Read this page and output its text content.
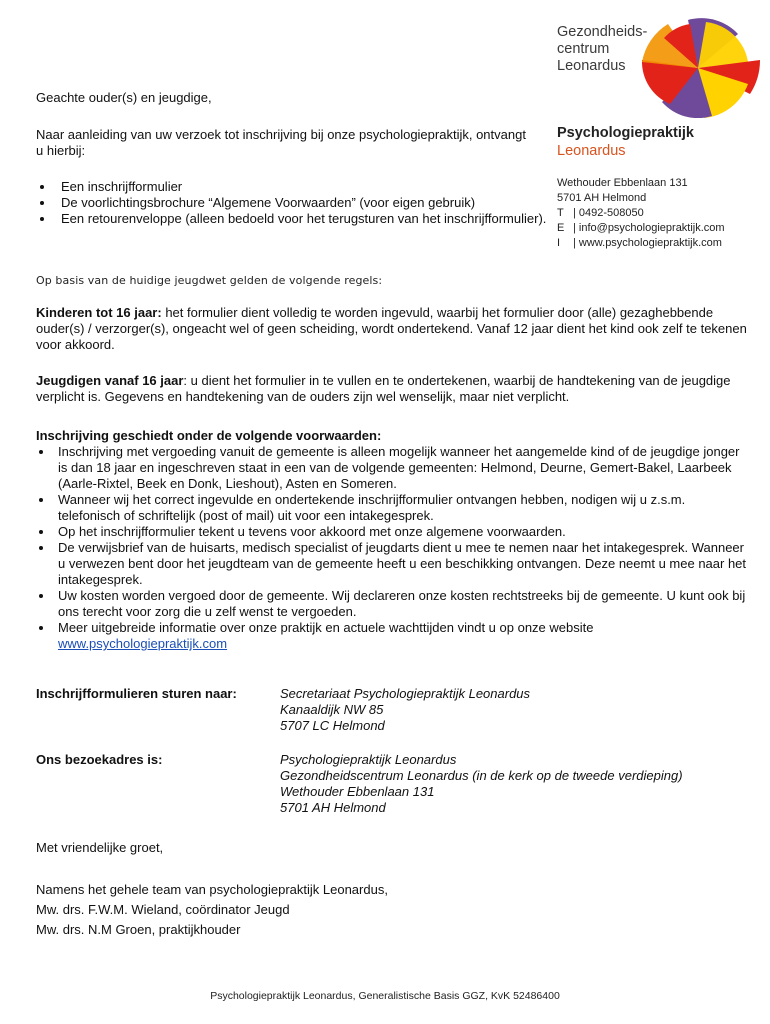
Gezondheids-
centrum
Leonardus
Psychologiepraktijk
Leonardus
Wethouder Ebbenlaan 131
5701 AH Helmond
T | 0492-508050
E | info@psychologiepraktijk.com
I | www.psychologiepraktijk.com
Geachte ouder(s) en jeugdige,
Naar aanleiding van uw verzoek tot inschrijving bij onze psychologiepraktijk, ontvangt u hierbij:
Een inschrijfformulier
De voorlichtingsbrochure “Algemene Voorwaarden” (voor eigen gebruik)
Een retourenveloppe (alleen bedoeld voor het terugsturen van het inschrijfformulier).
Op basis van de huidige jeugdwet gelden de volgende regels:
Kinderen tot 16 jaar: het formulier dient volledig te worden ingevuld, waarbij het formulier door (alle) gezaghebbende ouder(s) / verzorger(s), ongeacht wel of geen scheiding, wordt ondertekend. Vanaf 12 jaar dient het kind ook zelf te tekenen voor akkoord.
Jeugdigen vanaf 16 jaar: u dient het formulier in te vullen en te ondertekenen, waarbij de handtekening van de jeugdige verplicht is. Gegevens en handtekening van de ouders zijn wel wenselijk, maar niet verplicht.
Inschrijving geschiedt onder de volgende voorwaarden:
Inschrijving met vergoeding vanuit de gemeente is alleen mogelijk wanneer het aangemelde kind of de jeugdige jonger is dan 18 jaar en ingeschreven staat in een van de volgende gemeenten: Helmond, Deurne, Gemert-Bakel, Laarbeek (Aarle-Rixtel, Beek en Donk, Lieshout), Asten en Someren.
Wanneer wij het correct ingevulde en ondertekende inschrijfformulier ontvangen hebben, nodigen wij u z.s.m. telefonisch of schriftelijk (post of mail) uit voor een intakegesprek.
Op het inschrijfformulier tekent u tevens voor akkoord met onze algemene voorwaarden.
De verwijsbrief van de huisarts, medisch specialist of jeugdarts dient u mee te nemen naar het intakegesprek. Wanneer u verwezen bent door het jeugdteam van de gemeente heeft u een beschikking ontvangen. Deze neemt u mee naar het intakegesprek.
Uw kosten worden vergoed door de gemeente. Wij declareren onze kosten rechtstreeks bij de gemeente. U kunt ook bij ons terecht voor zorg die u zelf wenst te vergoeden.
Meer uitgebreide informatie over onze praktijk en actuele wachttijden vindt u op onze website
www.psychologiepraktijk.com
Inschrijfformulieren sturen naar:	Secretariaat Psychologiepraktijk Leonardus
Kanaaldijk NW 85
5707 LC Helmond
Ons bezoekadres is:	Psychologiepraktijk Leonardus
Gezondheidscentrum Leonardus (in de kerk op de tweede verdieping)
Wethouder Ebbenlaan 131
5701 AH Helmond
Met vriendelijke groet,
Namens het gehele team van psychologiepraktijk Leonardus,
Mw. drs. F.W.M. Wieland, coördinator Jeugd
Mw. drs. N.M Groen, praktijkhouder
Psychologiepraktijk Leonardus, Generalistische Basis GGZ, KvK 52486400
